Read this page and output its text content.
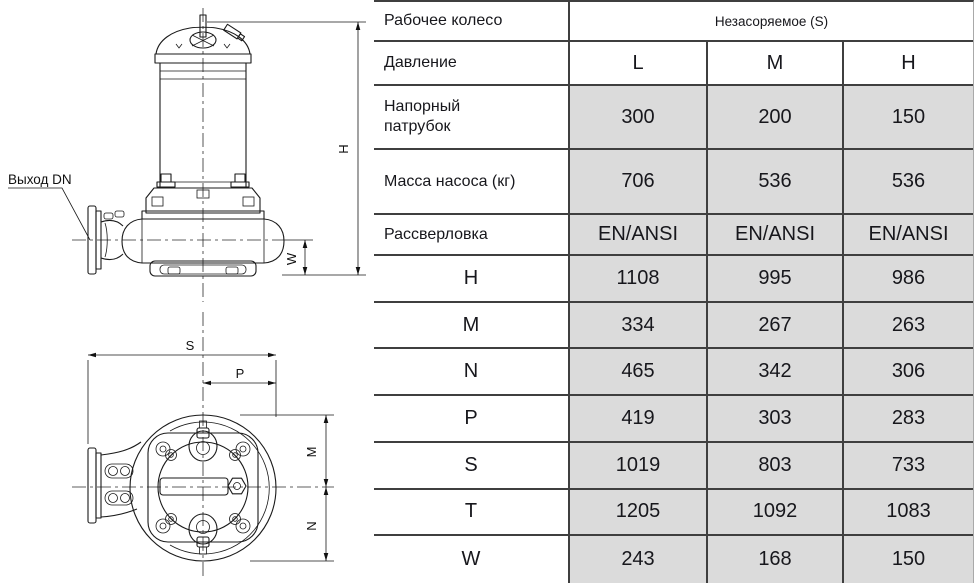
Выход DN
H
W
S
P
M
N
Рабочее колесо	Незасоряемое (S)
Давление	L	M	H
Напорный патрубок	300	200	150
Масса насоса (кг)	706	536	536
Рассверловка	EN/ANSI	EN/ANSI	EN/ANSI
H	1108	995	986
M	334	267	263
N	465	342	306
P	419	303	283
S	1019	803	733
T	1205	1092	1083
W	243	168	150
